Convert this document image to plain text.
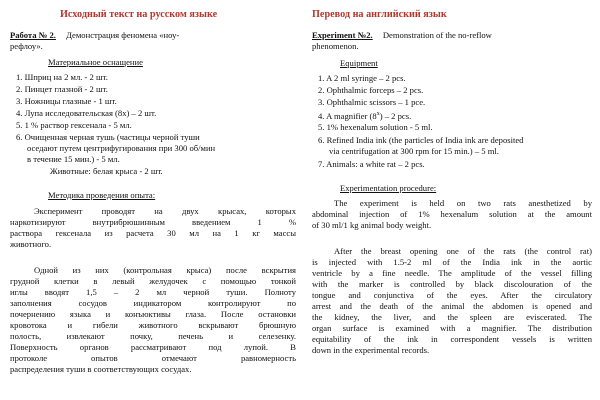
Исходный текст на русском языке
Работа № 2. Демонстрация феномена «ноу-
рефлоу».
Материальное оснащение
1. Шприц на 2 мл. - 2 шт.
2. Пинцет глазной - 2 шт.
3. Ножницы глазные - 1 шт.
4. Лупа исследовательская (8x) – 2 шт.
5. 1 % раствор гексенала - 5 мл.
6. Очищенная черная тушь (частицы черной туши
оседают путем центрифугирования при 300 об/мин
в течение 15 мин.) - 5 мл.
Животные: белая крыса - 2 шт.
Методика проведения опыта:
Эксперимент проводят на двух крысах, которых
наркотизируют внутрибрюшинным введением 1 %
раствора гексенала из расчета 30 мл на 1 кг массы
животного.
Одной из них (контрольная крыса) после вскрытия
грудной клетки в левый желудочек с помощью тонкой
иглы вводят 1,5 – 2 мл черной туши. Полноту
заполнения сосудов индикатором контролируют по
почернению языка и конъюктивы глаза. После остановки
кровотока и гибели животного вскрывают брюшную
полость, извлекают почку, печень и селезенку.
Поверхность органов рассматривают под лупой. В
протоколе опытов отмечают равномерность
распределения туши в соответствующих сосудах.
Перевод на английский язык
Experiment №2. Demonstration of the no-reflow
phenomenon.
Equipment
1. A 2 ml syringe – 2 pcs.
2. Ophthalmic forceps – 2 pcs.
3. Ophthalmic scissors – 1 pce.
4. A magnifier (8$^x$) – 2 pcs.
5. 1% hexenalum solution - 5 ml.
6. Refined India ink (the particles of India ink are deposited
via centrifugation at 300 rpm for 15 min.) – 5 ml.
7. Animals: a white rat – 2 pcs.
Experimentation procedure:
The experiment is held on two rats anesthetized by
abdominal injection of 1% hexenalum solution at the amount
of 30 ml/1 kg animal body weight.
After the breast opening one of the rats (the control rat)
is injected with 1.5-2 ml of the India ink in the aortic
ventricle by a fine needle. The amplitude of the vessel filling
with the marker is controlled by black discolouration of the
tongue and conjunctiva of the eyes. After the circulatory
arrest and the death of the animal the abdomen is opened and
the kidney, the liver, and the spleen are eviscerated. The
organ surface is examined with a magnifier. The distribution
equitability of the ink in correspondent vessels is written
down in the experimental records.
